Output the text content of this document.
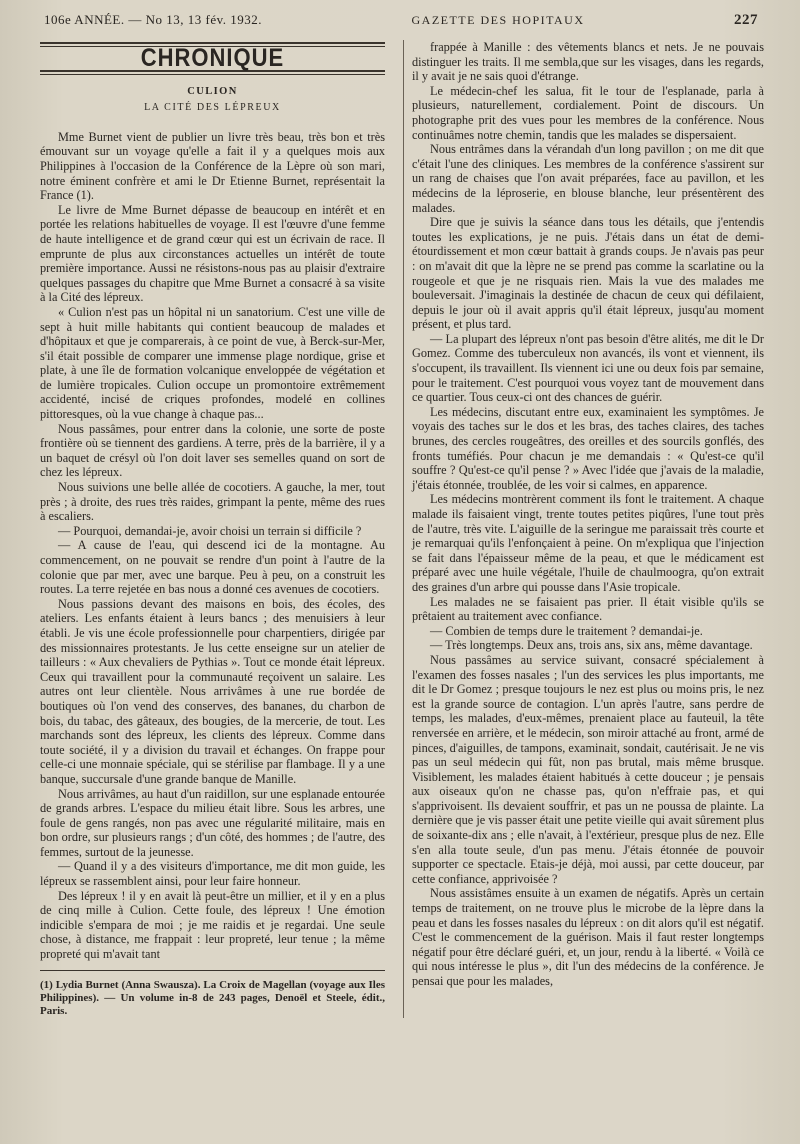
106e ANNÉE. — No 13, 13 fév. 1932.	GAZETTE DES HOPITAUX	227
CHRONIQUE
CULION
LA CITÉ DES LÉPREUX

Mme Burnet vient de publier un livre très beau, très bon et très émouvant sur un voyage qu'elle a fait il y a quelques mois aux Philippines à l'occasion de la Conférence de la Lèpre où son mari, notre éminent confrère et ami le Dr Etienne Burnet, représentait la France (1).

Le livre de Mme Burnet dépasse de beaucoup en intérêt et en portée les relations habituelles de voyage. Il est l'œuvre d'une femme de haute intelligence et de grand cœur qui est un écrivain de race. Il emprunte de plus aux circonstances actuelles un intérêt de toute première importance. Aussi ne résistons-nous pas au plaisir d'extraire quelques passages du chapitre que Mme Burnet a consacré à sa visite à la Cité des lépreux.

« Culion n'est pas un hôpital ni un sanatorium. C'est une ville de sept à huit mille habitants qui contient beaucoup de malades et d'hôpitaux et que je comparerais, à ce point de vue, à Berck-sur-Mer, s'il était possible de comparer une immense plage nordique, grise et plate, à une île de formation volcanique enveloppée de végétation et de lumière tropicales. Culion occupe un promontoire extrêmement accidenté, incisé de criques profondes, modelé en collines pittoresques, où la vue change à chaque pas...

Nous passâmes, pour entrer dans la colonie, une sorte de poste frontière où se tiennent des gardiens. A terre, près de la barrière, il y a un baquet de crésyl où l'on doit laver ses semelles quand on sort de chez les lépreux.

Nous suivions une belle allée de cocotiers. A gauche, la mer, tout près ; à droite, des rues très raides, grimpant la pente, même des rues à escaliers.

— Pourquoi, demandai-je, avoir choisi un terrain si difficile ?

— A cause de l'eau, qui descend ici de la montagne. Au commencement, on ne pouvait se rendre d'un point à l'autre de la colonie que par mer, avec une barque. Peu à peu, on a construit les routes. La terre rejetée en bas nous a donné ces avenues de cocotiers.

Nous passions devant des maisons en bois, des écoles, des ateliers. Les enfants étaient à leurs bancs ; des menuisiers à leur établi. Je vis une école professionnelle pour charpentiers, dirigée par des missionnaires protestants. Je lus cette enseigne sur un atelier de tailleurs : « Aux chevaliers de Pythias ». Tout ce monde était lépreux. Ceux qui travaillent pour la communauté reçoivent un salaire. Les autres ont leur clientèle. Nous arrivâmes à une rue bordée de boutiques où l'on vend des conserves, des bananes, du charbon de bois, du tabac, des gâteaux, des bougies, de la mercerie, de tout. Les marchands sont des lépreux, les clients des lépreux. Comme dans toute société, il y a division du travail et échanges. On frappe pour celle-ci une monnaie spéciale, qui se stérilise par flambage. Il y a une banque, succursale d'une grande banque de Manille.

Nous arrivâmes, au haut d'un raidillon, sur une esplanade entourée de grands arbres. L'espace du milieu était libre. Sous les arbres, une foule de gens rangés, non pas avec une régularité militaire, mais en bon ordre, sur plusieurs rangs ; d'un côté, des hommes ; de l'autre, des femmes, surtout de la jeunesse.

— Quand il y a des visiteurs d'importance, me dit mon guide, les lépreux se rassemblent ainsi, pour leur faire honneur.

Des lépreux ! il y en avait là peut-être un millier, et il y en a plus de cinq mille à Culion. Cette foule, des lépreux ! Une émotion indicible s'empara de moi ; je me raidis et je regardai. Une seule chose, à distance, me frappait : leur propreté, leur tenue ; la même propreté qui m'avait tant

(1) Lydia Burnet (Anna Swausza). La Croix de Magellan (voyage aux Iles Philippines). — Un volume in-8 de 243 pages, Denoël et Steele, édit., Paris.

frappée à Manille : des vêtements blancs et nets. Je ne pouvais distinguer les traits. Il me sembla,que sur les visages, dans les regards, il y avait je ne sais quoi d'étrange.

Le médecin-chef les salua, fit le tour de l'esplanade, parla à plusieurs, naturellement, cordialement. Point de discours. Un photographe prit des vues pour les membres de la conférence. Nous continuâmes notre chemin, tandis que les malades se dispersaient.

Nous entrâmes dans la vérandah d'un long pavillon ; on me dit que c'était l'une des cliniques. Les membres de la conférence s'assirent sur un rang de chaises que l'on avait préparées, face au pavillon, et les médecins de la léproserie, en blouse blanche, leur présentèrent des malades.

Dire que je suivis la séance dans tous les détails, que j'entendis toutes les explications, je ne puis. J'étais dans un état de demi-étourdissement et mon cœur battait à grands coups. Je n'avais pas peur : on m'avait dit que la lèpre ne se prend pas comme la scarlatine ou la rougeole et que je ne risquais rien. Mais la vue des malades me bouleversait. J'imaginais la destinée de chacun de ceux qui défilaient, depuis le jour où il avait appris qu'il était lépreux, jusqu'au moment présent, et plus tard.

— La plupart des lépreux n'ont pas besoin d'être alités, me dit le Dr Gomez. Comme des tuberculeux non avancés, ils vont et viennent, ils s'occupent, ils travaillent. Ils viennent ici une ou deux fois par semaine, pour le traitement. C'est pourquoi vous voyez tant de mouvement dans ce quartier. Tous ceux-ci ont des chances de guérir.

Les médecins, discutant entre eux, examinaient les symptômes. Je voyais des taches sur le dos et les bras, des taches claires, des taches brunes, des cercles rougeâtres, des oreilles et des sourcils gonflés, des fronts tuméfiés. Pour chacun je me demandais : « Qu'est-ce qu'il souffre ? Qu'est-ce qu'il pense ? » Avec l'idée que j'avais de la maladie, j'étais étonnée, troublée, de les voir si calmes, en apparence.

Les médecins montrèrent comment ils font le traitement. A chaque malade ils faisaient vingt, trente toutes petites piqûres, l'une tout près de l'autre, très vite. L'aiguille de la seringue me paraissait très courte et je remarquai qu'ils l'enfonçaient à peine. On m'expliqua que l'injection se fait dans l'épaisseur même de la peau, et que le médicament est préparé avec une huile végétale, l'huile de chaulmoogra, qu'on extrait des graines d'un arbre qui pousse dans l'Asie tropicale.

Les malades ne se faisaient pas prier. Il était visible qu'ils se prêtaient au traitement avec confiance.

— Combien de temps dure le traitement ? demandai-je.

— Très longtemps. Deux ans, trois ans, six ans, même davantage.

Nous passâmes au service suivant, consacré spécialement à l'examen des fosses nasales ; l'un des services les plus importants, me dit le Dr Gomez ; presque toujours le nez est plus ou moins pris, le nez est la grande source de contagion. L'un après l'autre, sans perdre de temps, les malades, d'eux-mêmes, prenaient place au fauteuil, la tête renversée en arrière, et le médecin, son miroir attaché au front, armé de pinces, d'aiguilles, de tampons, examinait, sondait, cautérisait. Je ne vis pas un seul médecin qui fût, non pas brutal, mais même brusque. Visiblement, les malades étaient habitués à cette douceur ; je pensais aux oiseaux qu'on ne chasse pas, qu'on n'effraie pas, et qui s'apprivoisent. Ils devaient souffrir, et pas un ne poussa de plainte. La dernière que je vis passer était une petite vieille qui avait sûrement plus de soixante-dix ans ; elle n'avait, à l'extérieur, presque plus de nez. Elle s'en alla toute seule, d'un pas menu. J'étais étonnée de pouvoir supporter ce spectacle. Etais-je déjà, moi aussi, par cette douceur, par cette confiance, apprivoisée ?

Nous assistâmes ensuite à un examen de négatifs. Après un certain temps de traitement, on ne trouve plus le microbe de la lèpre dans la peau et dans les fosses nasales du lépreux : on dit alors qu'il est négatif. C'est le commencement de la guérison. Mais il faut rester longtemps négatif pour être déclaré guéri, et, un jour, rendu à la liberté. « Voilà ce qui nous intéresse le plus », dit l'un des médecins de la conférence. Je pensai que pour les malades,
